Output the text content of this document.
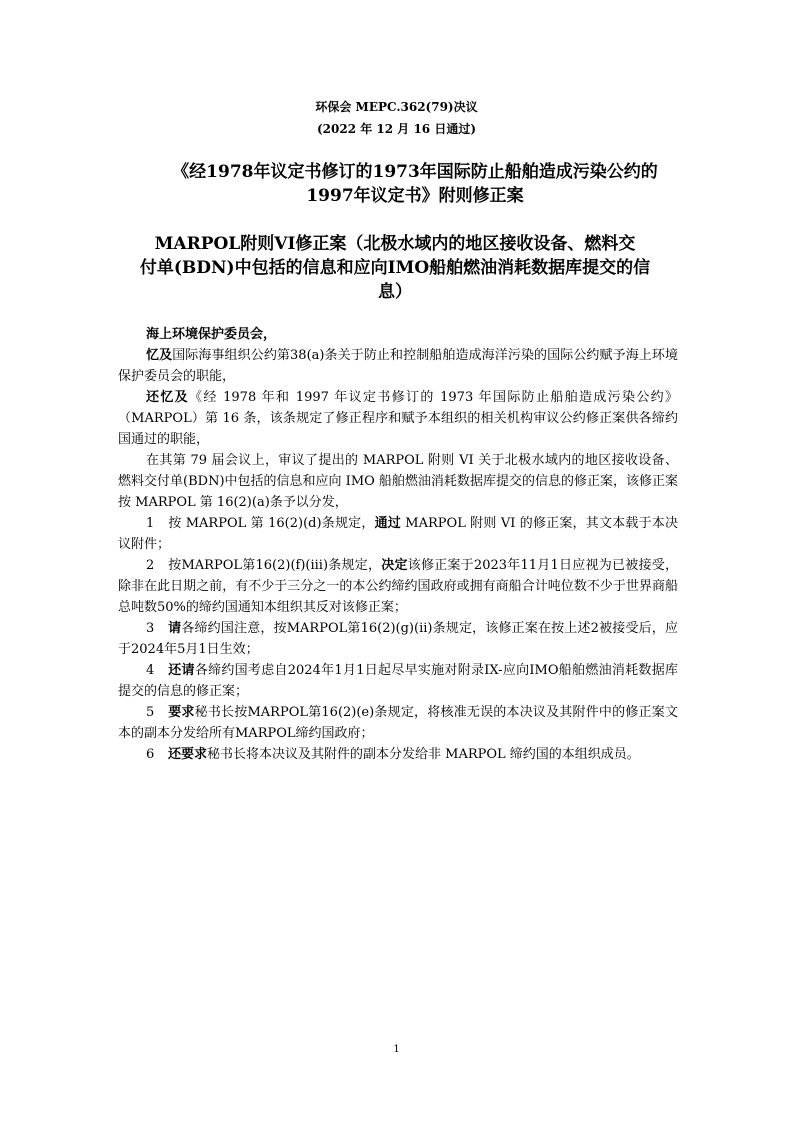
环保会 MEPC.362(79)决议
(2022 年 12 月 16 日通过)
《经1978年议定书修订的1973年国际防止船舶造成污染公约的
1997年议定书》附则修正案
MARPOL附则VI修正案（北极水域内的地区接收设备、燃料交
付单(BDN)中包括的信息和应向IMO船舶燃油消耗数据库提交的信
息）

海上环境保护委员会，

忆及国际海事组织公约第38(a)条关于防止和控制船舶造成海洋污染的国际公约赋予海上环境保护委员会的职能，

还忆及《经 1978 年和 1997 年议定书修订的 1973 年国际防止船舶造成污染公约》（MARPOL）第 16 条，该条规定了修正程序和赋予本组织的相关机构审议公约修正案供各缔约国通过的职能，

在其第 79 届会议上，审议了提出的 MARPOL 附则 VI 关于北极水域内的地区接收设备、燃料交付单(BDN)中包括的信息和应向 IMO 船舶燃油消耗数据库提交的信息的修正案，该修正案按 MARPOL 第 16(2)(a)条予以分发，

1 按 MARPOL 第 16(2)(d)条规定，通过 MARPOL 附则 VI 的修正案，其文本载于本决议附件；

2 按MARPOL第16(2)(f)(iii)条规定，决定该修正案于2023年11月1日应视为已被接受，除非在此日期之前，有不少于三分之一的本公约缔约国政府或拥有商船合计吨位数不少于世界商船总吨数50%的缔约国通知本组织其反对该修正案；

3 请各缔约国注意，按MARPOL第16(2)(g)(ii)条规定，该修正案在按上述2被接受后，应于2024年5月1日生效；

4 还请各缔约国考虑自2024年1月1日起尽早实施对附录IX-应向IMO船舶燃油消耗数据库提交的信息的修正案；

5 要求秘书长按MARPOL第16(2)(e)条规定，将核准无误的本决议及其附件中的修正案文本的副本分发给所有MARPOL缔约国政府；

6 还要求秘书长将本决议及其附件的副本分发给非 MARPOL 缔约国的本组织成员。

1
